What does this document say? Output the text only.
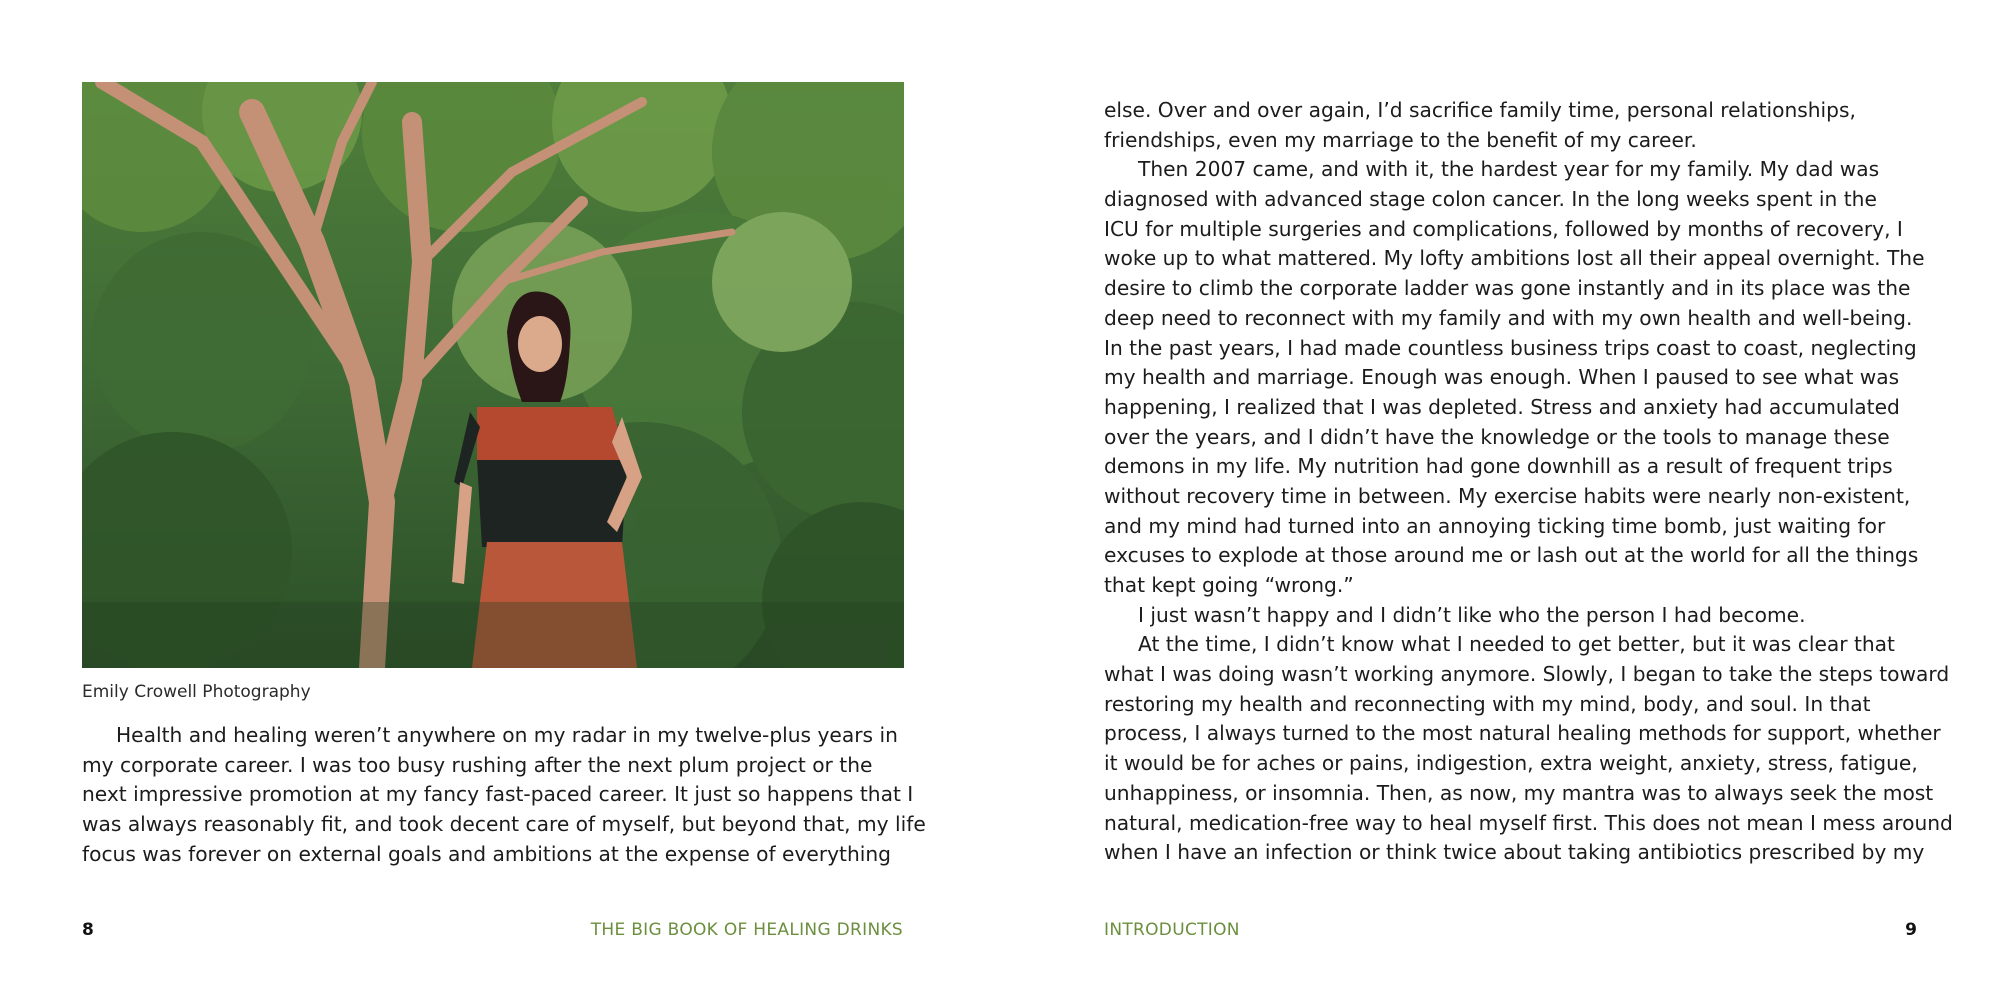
Emily Crowell Photography

Health and healing weren’t anywhere on my radar in my twelve-plus years in
my corporate career. I was too busy rushing after the next plum project or the
next impressive promotion at my fancy fast-paced career. It just so happens that I
was always reasonably fit, and took decent care of myself, but beyond that, my life
focus was forever on external goals and ambitions at the expense of everything

8	THE BIG BOOK OF HEALING DRINKS

else. Over and over again, I’d sacrifice family time, personal relationships,
friendships, even my marriage to the benefit of my career.
Then 2007 came, and with it, the hardest year for my family. My dad was
diagnosed with advanced stage colon cancer. In the long weeks spent in the
ICU for multiple surgeries and complications, followed by months of recovery, I
woke up to what mattered. My lofty ambitions lost all their appeal overnight. The
desire to climb the corporate ladder was gone instantly and in its place was the
deep need to reconnect with my family and with my own health and well-being.
In the past years, I had made countless business trips coast to coast, neglecting
my health and marriage. Enough was enough. When I paused to see what was
happening, I realized that I was depleted. Stress and anxiety had accumulated
over the years, and I didn’t have the knowledge or the tools to manage these
demons in my life. My nutrition had gone downhill as a result of frequent trips
without recovery time in between. My exercise habits were nearly non-existent,
and my mind had turned into an annoying ticking time bomb, just waiting for
excuses to explode at those around me or lash out at the world for all the things
that kept going “wrong.”
I just wasn’t happy and I didn’t like who the person I had become.
At the time, I didn’t know what I needed to get better, but it was clear that
what I was doing wasn’t working anymore. Slowly, I began to take the steps toward
restoring my health and reconnecting with my mind, body, and soul. In that
process, I always turned to the most natural healing methods for support, whether
it would be for aches or pains, indigestion, extra weight, anxiety, stress, fatigue,
unhappiness, or insomnia. Then, as now, my mantra was to always seek the most
natural, medication-free way to heal myself first. This does not mean I mess around
when I have an infection or think twice about taking antibiotics prescribed by my

INTRODUCTION	9
